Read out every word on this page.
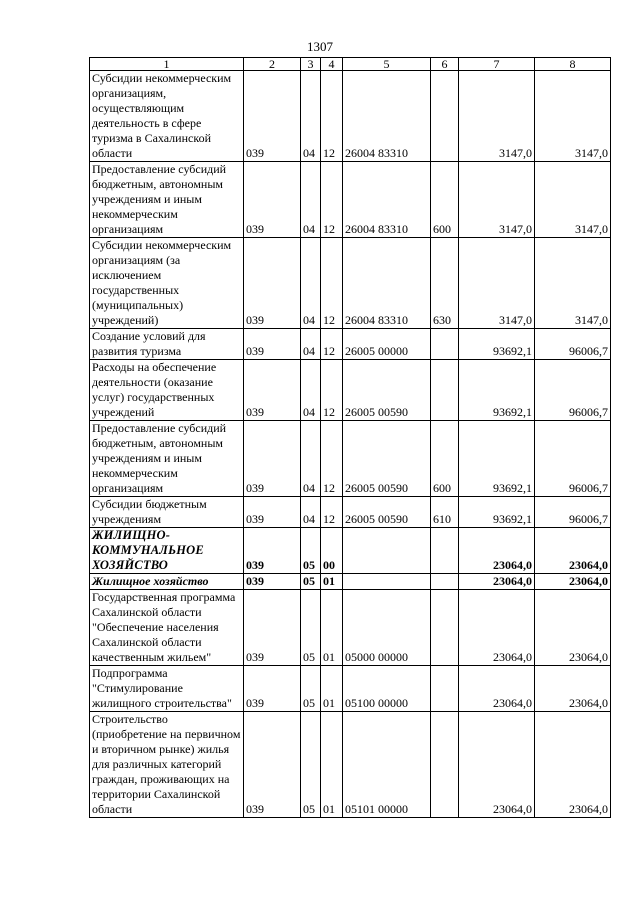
1307
1	2	3	4	5	6	7	8
Субсидии некоммерческим организациям, осуществляющим деятельность в сфере туризма в Сахалинской области	039	04	12	26004 83310		3147,0	3147,0
Предоставление субсидий бюджетным, автономным учреждениям и иным некоммерческим организациям	039	04	12	26004 83310	600	3147,0	3147,0
Субсидии некоммерческим организациям (за исключением государственных (муниципальных) учреждений)	039	04	12	26004 83310	630	3147,0	3147,0
Создание условий для развития туризма	039	04	12	26005 00000		93692,1	96006,7
Расходы на обеспечение деятельности (оказание услуг) государственных учреждений	039	04	12	26005 00590		93692,1	96006,7
Предоставление субсидий бюджетным, автономным учреждениям и иным некоммерческим организациям	039	04	12	26005 00590	600	93692,1	96006,7
Субсидии бюджетным учреждениям	039	04	12	26005 00590	610	93692,1	96006,7
ЖИЛИЩНО-КОММУНАЛЬНОЕ ХОЗЯЙСТВО	039	05	00			23064,0	23064,0
Жилищное хозяйство	039	05	01			23064,0	23064,0
Государственная программа Сахалинской области "Обеспечение населения Сахалинской области качественным жильем"	039	05	01	05000 00000		23064,0	23064,0
Подпрограмма "Стимулирование жилищного строительства"	039	05	01	05100 00000		23064,0	23064,0
Строительство (приобретение на первичном и вторичном рынке) жилья для различных категорий граждан, проживающих на территории Сахалинской области	039	05	01	05101 00000		23064,0	23064,0
